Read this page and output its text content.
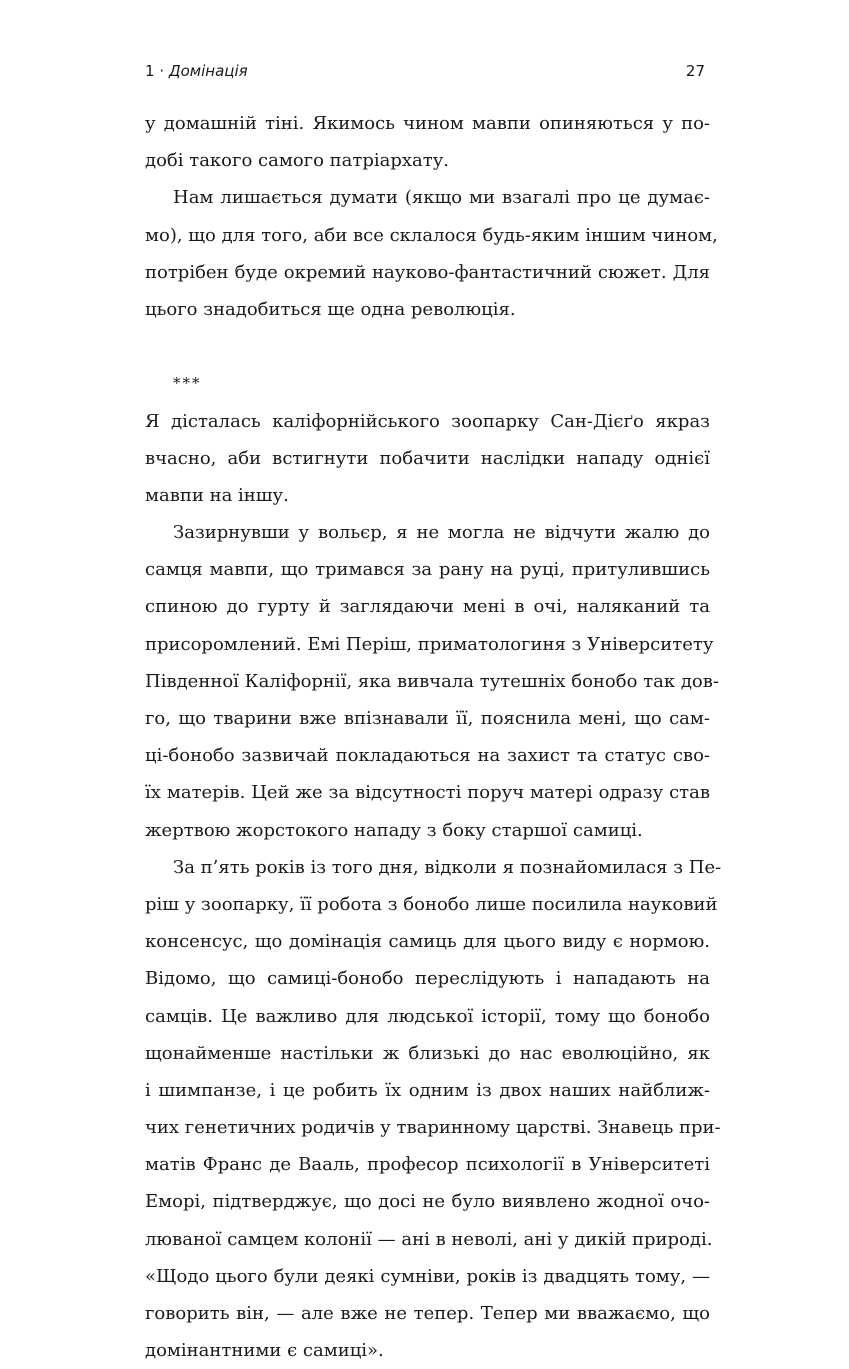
1 · Домінація	27
у домашній тіні. Якимось чином мавпи опиняються у по-
добі такого самого патріархату.
Нам лишається думати (якщо ми взагалі про це думає-
мо), що для того, аби все склалося будь-яким іншим чином,
потрібен буде окремий науково-фантастичний сюжет. Для
цього знадобиться ще одна революція.
***
Я дісталась каліфорнійського зоопарку Сан-Дієґо якраз
вчасно, аби встигнути побачити наслідки нападу однієї
мавпи на іншу.
Зазирнувши у вольєр, я не могла не відчути жалю до
самця мавпи, що тримався за рану на руці, притулившись
спиною до гурту й заглядаючи мені в очі, наляканий та
присоромлений. Емі Періш, приматологиня з Університету
Південної Каліфорнії, яка вивчала тутешніх бонобо так дов-
го, що тварини вже впізнавали її, пояснила мені, що сам-
ці-бонобо зазвичай покладаються на захист та статус сво-
їх матерів. Цей же за відсутності поруч матері одразу став
жертвою жорстокого нападу з боку старшої самиці.
За п’ять років із того дня, відколи я познайомилася з Пе-
ріш у зоопарку, її робота з бонобо лише посилила науковий
консенсус, що домінація самиць для цього виду є нормою.
Відомо, що самиці-бонобо переслідують і нападають на
самців. Це важливо для людської історії, тому що бонобо
щонайменше настільки ж близькі до нас еволюційно, як
і шимпанзе, і це робить їх одним із двох наших найближ-
чих генетичних родичів у тваринному царстві. Знавець при-
матів Франс де Вааль, професор психології в Університеті
Еморі, підтверджує, що досі не було виявлено жодної очо-
люваної самцем колонії — ані в неволі, ані у дикій природі.
«Щодо цього були деякі сумніви, років із двадцять тому, —
говорить він, — але вже не тепер. Тепер ми вважаємо, що
домінантними є самиці».
